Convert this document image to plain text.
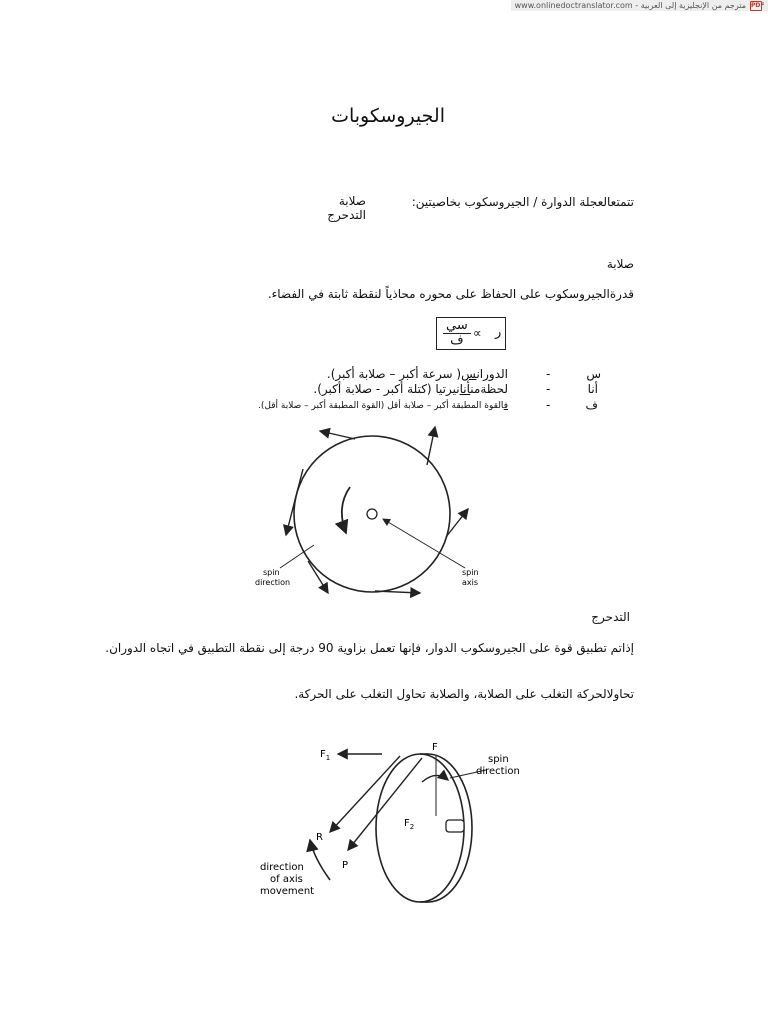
www.onlinedoctranslator.com - مترجم من الإنجليزية إلى العربية PDF
الجيروسكوبات
تتمتعالعجلة الدوارة / الجيروسكوب بخاصيتين:
صلابة
التدحرج
صلابة
قدرةالجيروسكوب على الحفاظ على محوره محاذياً لنقطة ثابتة في الفضاء.
سي
ف ∝ ر
س
-
الدورانس( سرعة أكبر – صلابة أكبر).
أنا
-
لحظةمنأنانيرتيا (كتلة أكبر - صلابة أكبر).
ف
-
فالقوة المطبقة أكبر – صلابة أقل (القوة المطبقة أكبر – صلابة أقل).
spin
direction
spin
axis
التدحرج
إذاتم تطبيق قوة على الجيروسكوب الدوار، فإنها تعمل بزاوية 90 درجة إلى نقطة التطبيق في اتجاه الدوران.
تحاولالحركة التغلب على الصلابة، والصلابة تحاول التغلب على الحركة.
$F_1$
F
$F_2$
R
P
spin
direction
direction
of axis
movement
